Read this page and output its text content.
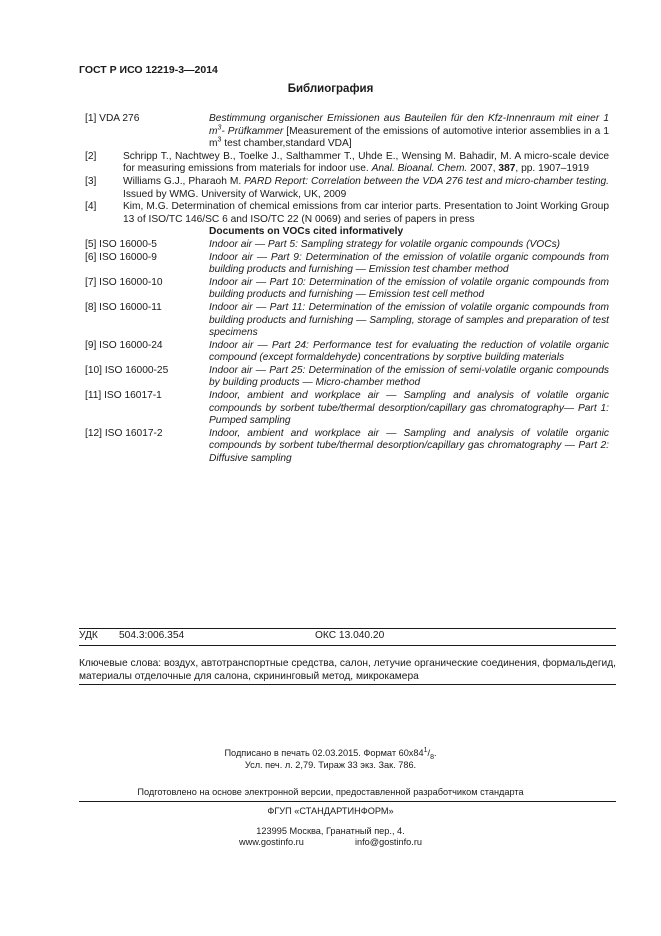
ГОСТ Р ИСО 12219-3—2014
Библиография
[1] VDA 276	Bestimmung organischer Emissionen aus Bauteilen für den Kfz-Innenraum mit einer 1 $m^3-$ Prüfkammer [Measurement of the emissions of automotive interior assemblies in a 1 $m^3$ test chamber,standard VDA]
[2]	Schripp T., Nachtwey B., Toelke J., Salthammer T., Uhde E., Wensing M. Bahadir, M. A micro-scale device for measuring emissions from materials for indoor use. Anal. Bioanal. Chem. 2007, 387, pp. 1907–1919
[3]	Williams G.J., Pharaoh M. PARD Report: Correlation between the VDA 276 test and micro-chamber testing. Issued by WMG. University of Warwick, UK, 2009
[4]	Kim, M.G. Determination of chemical emissions from car interior parts. Presentation to Joint Working Group 13 of ISO/TC 146/SC 6 and ISO/TC 22 (N 0069) and series of papers in press
Documents on VOCs cited informatively
[5] ISO 16000-5	Indoor air — Part 5: Sampling strategy for volatile organic compounds (VOCs)
[6] ISO 16000-9	Indoor air — Part 9: Determination of the emission of volatile organic compounds from building products and furnishing — Emission test chamber method
[7] ISO 16000-10	Indoor air — Part 10: Determination of the emission of volatile organic compounds from building products and furnishing — Emission test cell method
[8] ISO 16000-11	Indoor air — Part 11: Determination of the emission of volatile organic compounds from building products and furnishing — Sampling, storage of samples and preparation of test specimens
[9] ISO 16000-24	Indoor air — Part 24: Performance test for evaluating the reduction of volatile organic compound (except formaldehyde) concentrations by sorptive building materials
[10] ISO 16000-25	Indoor air — Part 25: Determination of the emission of semi-volatile organic compounds by building products — Micro-chamber method
[11] ISO 16017-1	Indoor, ambient and workplace air — Sampling and analysis of volatile organic compounds by sorbent tube/thermal desorption/capillary gas chromatography— Part 1: Pumped sampling
[12] ISO 16017-2	Indoor, ambient and workplace air — Sampling and analysis of volatile organic compounds by sorbent tube/thermal desorption/capillary gas chromatography — Part 2: Diffusive sampling
УДК 504.3:006.354	ОКС 13.040.20
Ключевые слова: воздух, автотранспортные средства, салон, летучие органические соединения, формальдегид, материалы отделочные для салона, скрининговый метод, микрокамера
Подписано в печать 02.03.2015. Формат $60x84^1/_8$.
Усл. печ. л. 2,79. Тираж 33 экз. Зак. 786.
Подготовлено на основе электронной версии, предоставленной разработчиком стандарта
ФГУП «СТАНДАРТИНФОРМ»
123995 Москва, Гранатный пер., 4.
www.gostinfo.ru	info@gostinfo.ru
